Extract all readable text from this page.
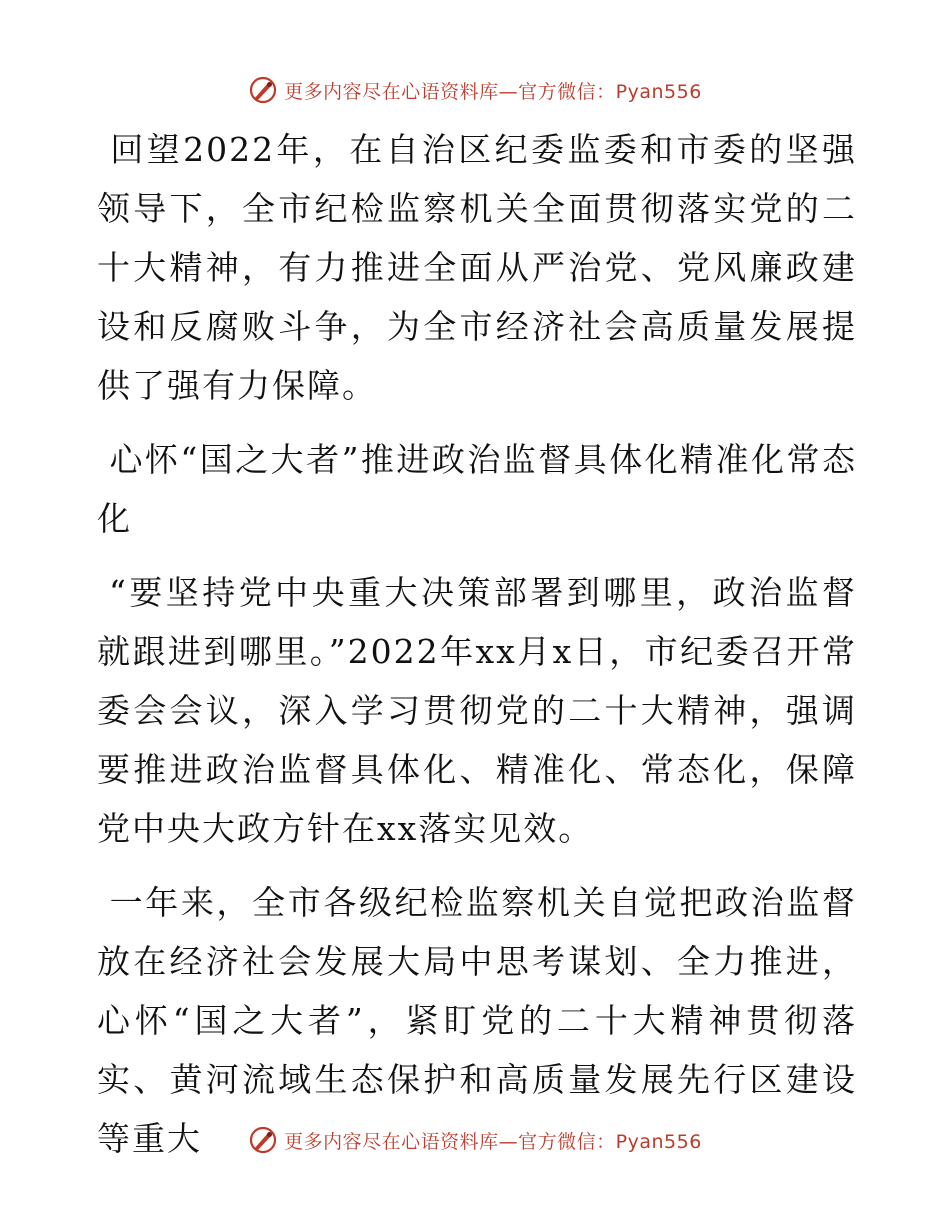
更多内容尽在心语资料库—官方微信：Pyan556

回望2022年，在自治区纪委监委和市委的坚强领导下，全市纪检监察机关全面贯彻落实党的二十大精神，有力推进全面从严治党、党风廉政建设和反腐败斗争，为全市经济社会高质量发展提供了强有力保障。

心怀“国之大者”推进政治监督具体化精准化常态化

“要坚持党中央重大决策部署到哪里，政治监督就跟进到哪里。”2022年xx月x日，市纪委召开常委会会议，深入学习贯彻党的二十大精神，强调要推进政治监督具体化、精准化、常态化，保障党中央大政方针在xx落实见效。

一年来，全市各级纪检监察机关自觉把政治监督放在经济社会发展大局中思考谋划、全力推进，心怀“国之大者”，紧盯党的二十大精神贯彻落实、黄河流域生态保护和高质量发展先行区建设等重大	更多内容尽在心语资料库—官方微信：Pyan556
